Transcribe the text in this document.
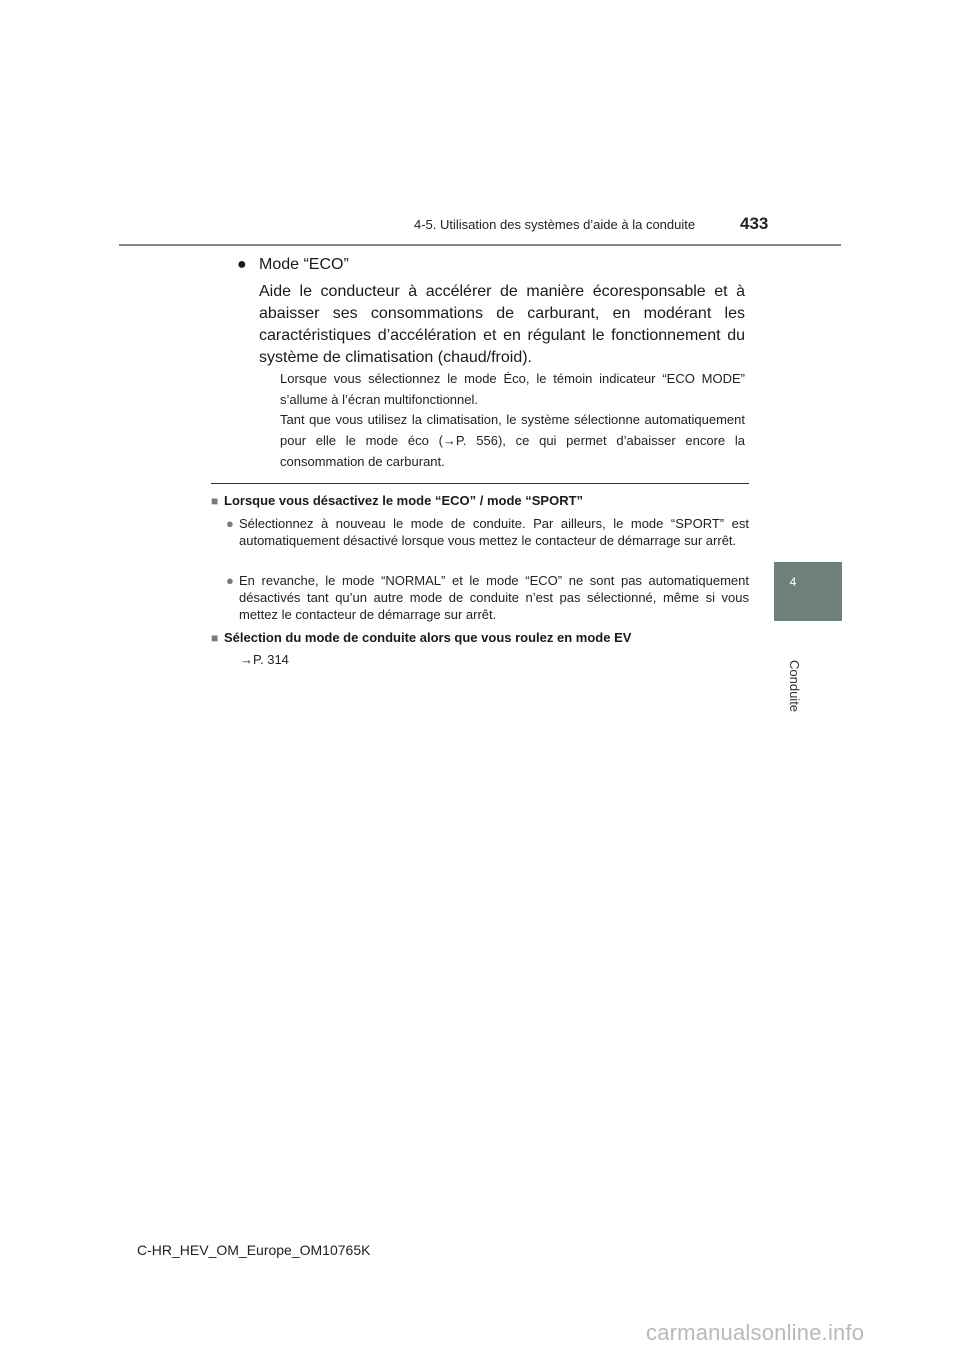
4-5. Utilisation des systèmes d’aide à la conduite	433
4
Conduite
● Mode “ECO”
Aide le conducteur à accélérer de manière écoresponsable et à abaisser ses consommations de carburant, en modérant les caractéristiques d’accélération et en régulant le fonctionnement du système de climatisation (chaud/froid).
Lorsque vous sélectionnez le mode Éco, le témoin indicateur “ECO MODE” s’allume à l’écran multifonctionnel.
Tant que vous utilisez la climatisation, le système sélectionne automatiquement pour elle le mode éco (→P. 556), ce qui permet d’abaisser encore la consommation de carburant.
■ Lorsque vous désactivez le mode “ECO” / mode “SPORT”
● Sélectionnez à nouveau le mode de conduite. Par ailleurs, le mode “SPORT” est automatiquement désactivé lorsque vous mettez le contacteur de démarrage sur arrêt.
● En revanche, le mode “NORMAL” et le mode “ECO” ne sont pas automatiquement désactivés tant qu’un autre mode de conduite n’est pas sélectionné, même si vous mettez le contacteur de démarrage sur arrêt.
■ Sélection du mode de conduite alors que vous roulez en mode EV
→P. 314
C-HR_HEV_OM_Europe_OM10765K
carmanualsonline.info
